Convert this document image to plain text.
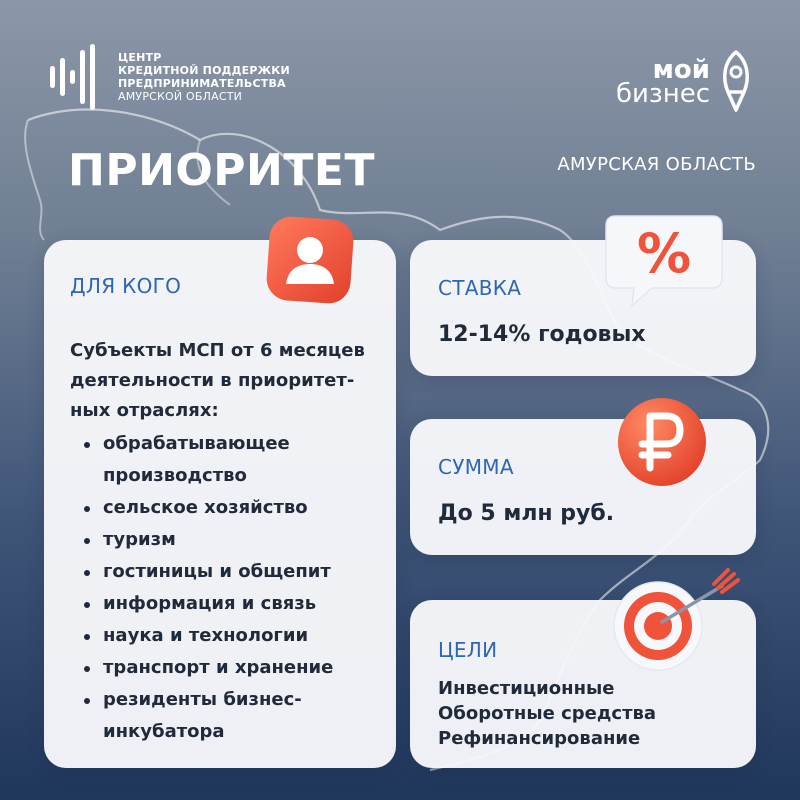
ЦЕНТР
КРЕДИТНОЙ ПОДДЕРЖКИ
ПРЕДПРИНИМАТЕЛЬСТВА
АМУРСКОЙ ОБЛАСТИ
мой
бизнес
ПРИОРИТЕТ	АМУРСКАЯ ОБЛАСТЬ
ДЛЯ КОГО
Субъекты МСП от 6 месяцев
деятельности в приоритет-
ных отраслях:
обрабатывающее
производство
сельское хозяйство
туризм
гостиницы и общепит
информация и связь
наука и технологии
транспорт и хранение
резиденты бизнес-
инкубатора
СТАВКА
12-14% годовых
СУММА
До 5 млн руб.
ЦЕЛИ
Инвестиционные
Оборотные средства
Рефинансирование
%
